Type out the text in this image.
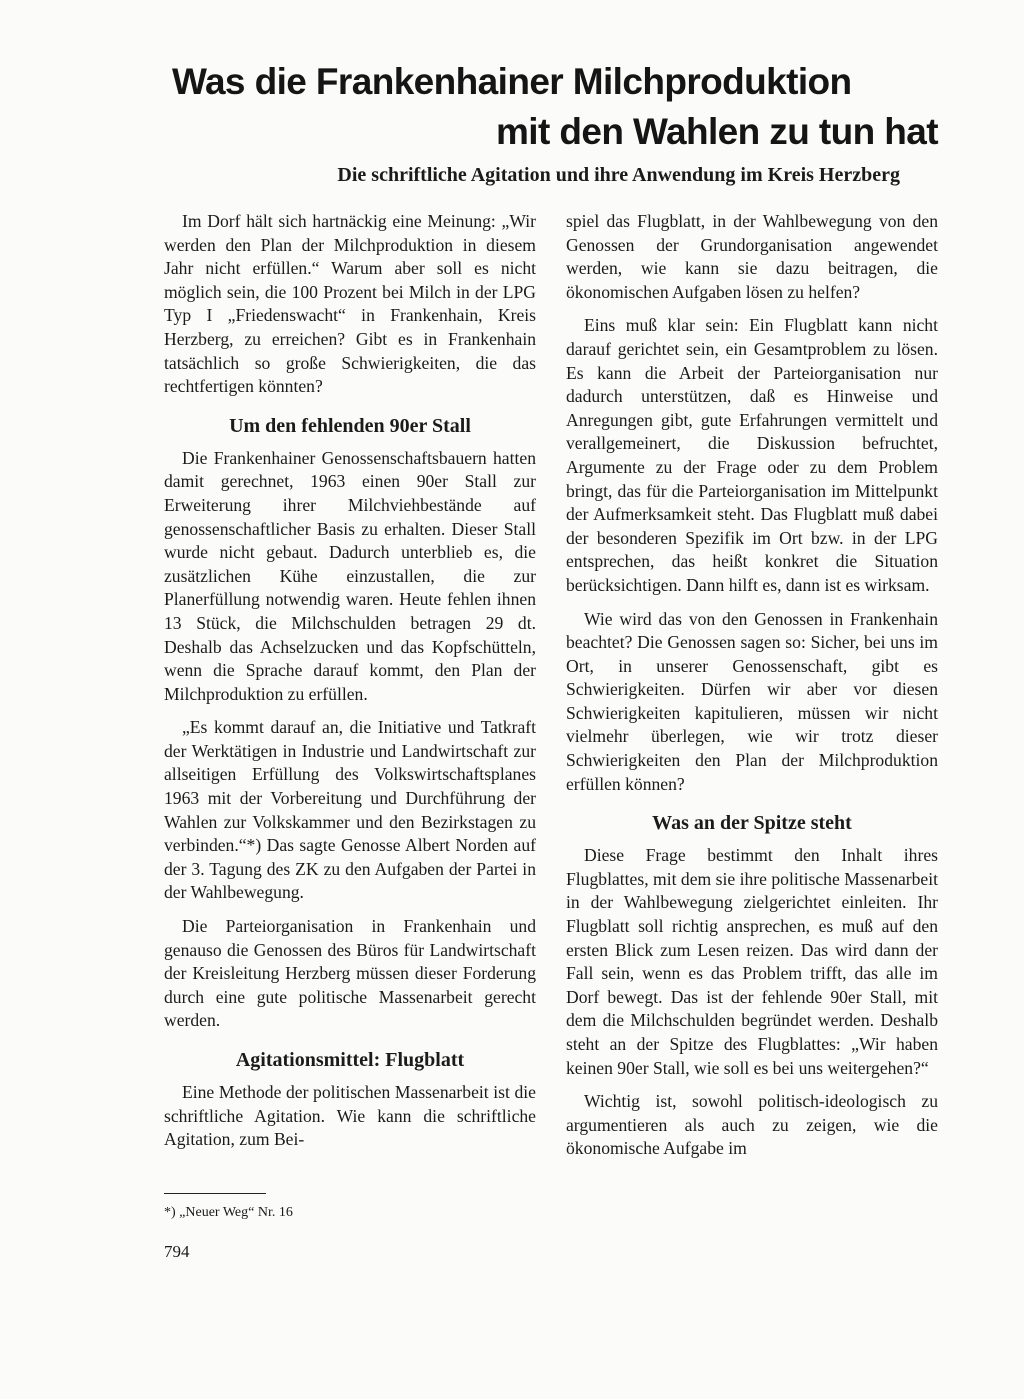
Was die Frankenhainer Milchproduktion
mit den Wahlen zu tun hat
Die schriftliche Agitation und ihre Anwendung im Kreis Herzberg

Im Dorf hält sich hartnäckig eine Meinung: „Wir werden den Plan der Milchproduktion in diesem Jahr nicht erfüllen.“ Warum aber soll es nicht möglich sein, die 100 Prozent bei Milch in der LPG Typ I „Friedenswacht“ in Frankenhain, Kreis Herzberg, zu erreichen? Gibt es in Frankenhain tatsächlich so große Schwierigkeiten, die das rechtfertigen könnten?

Um den fehlenden 90er Stall

Die Frankenhainer Genossenschaftsbauern hatten damit gerechnet, 1963 einen 90er Stall zur Erweiterung ihrer Milchviehbestände auf genossenschaftlicher Basis zu erhalten. Dieser Stall wurde nicht gebaut. Dadurch unterblieb es, die zusätzlichen Kühe einzustallen, die zur Planerfüllung notwendig waren. Heute fehlen ihnen 13 Stück, die Milchschulden betragen 29 dt. Deshalb das Achselzucken und das Kopfschütteln, wenn die Sprache darauf kommt, den Plan der Milchproduktion zu erfüllen.

„Es kommt darauf an, die Initiative und Tatkraft der Werktätigen in Industrie und Landwirtschaft zur allseitigen Erfüllung des Volkswirtschaftsplanes 1963 mit der Vorbereitung und Durchführung der Wahlen zur Volkskammer und den Bezirkstagen zu verbinden.“*) Das sagte Genosse Albert Norden auf der 3. Tagung des ZK zu den Aufgaben der Partei in der Wahlbewegung.

Die Parteiorganisation in Frankenhain und genauso die Genossen des Büros für Landwirtschaft der Kreisleitung Herzberg müssen dieser Forderung durch eine gute politische Massenarbeit gerecht werden.

Agitationsmittel: Flugblatt

Eine Methode der politischen Massenarbeit ist die schriftliche Agitation. Wie kann die schriftliche Agitation, zum Bei-

spiel das Flugblatt, in der Wahlbewegung von den Genossen der Grundorganisation angewendet werden, wie kann sie dazu beitragen, die ökonomischen Aufgaben lösen zu helfen?

Eins muß klar sein: Ein Flugblatt kann nicht darauf gerichtet sein, ein Gesamtproblem zu lösen. Es kann die Arbeit der Parteiorganisation nur dadurch unterstützen, daß es Hinweise und Anregungen gibt, gute Erfahrungen vermittelt und verallgemeinert, die Diskussion befruchtet, Argumente zu der Frage oder zu dem Problem bringt, das für die Parteiorganisation im Mittelpunkt der Aufmerksamkeit steht. Das Flugblatt muß dabei der besonderen Spezifik im Ort bzw. in der LPG entsprechen, das heißt konkret die Situation berücksichtigen. Dann hilft es, dann ist es wirksam.

Wie wird das von den Genossen in Frankenhain beachtet? Die Genossen sagen so: Sicher, bei uns im Ort, in unserer Genossenschaft, gibt es Schwierigkeiten. Dürfen wir aber vor diesen Schwierigkeiten kapitulieren, müssen wir nicht vielmehr überlegen, wie wir trotz dieser Schwierigkeiten den Plan der Milchproduktion erfüllen können?

Was an der Spitze steht

Diese Frage bestimmt den Inhalt ihres Flugblattes, mit dem sie ihre politische Massenarbeit in der Wahlbewegung zielgerichtet einleiten. Ihr Flugblatt soll richtig ansprechen, es muß auf den ersten Blick zum Lesen reizen. Das wird dann der Fall sein, wenn es das Problem trifft, das alle im Dorf bewegt. Das ist der fehlende 90er Stall, mit dem die Milchschulden begründet werden. Deshalb steht an der Spitze des Flugblattes: „Wir haben keinen 90er Stall, wie soll es bei uns weitergehen?“

Wichtig ist, sowohl politisch-ideologisch zu argumentieren als auch zu zeigen, wie die ökonomische Aufgabe im

*) „Neuer Weg“ Nr. 16

794
